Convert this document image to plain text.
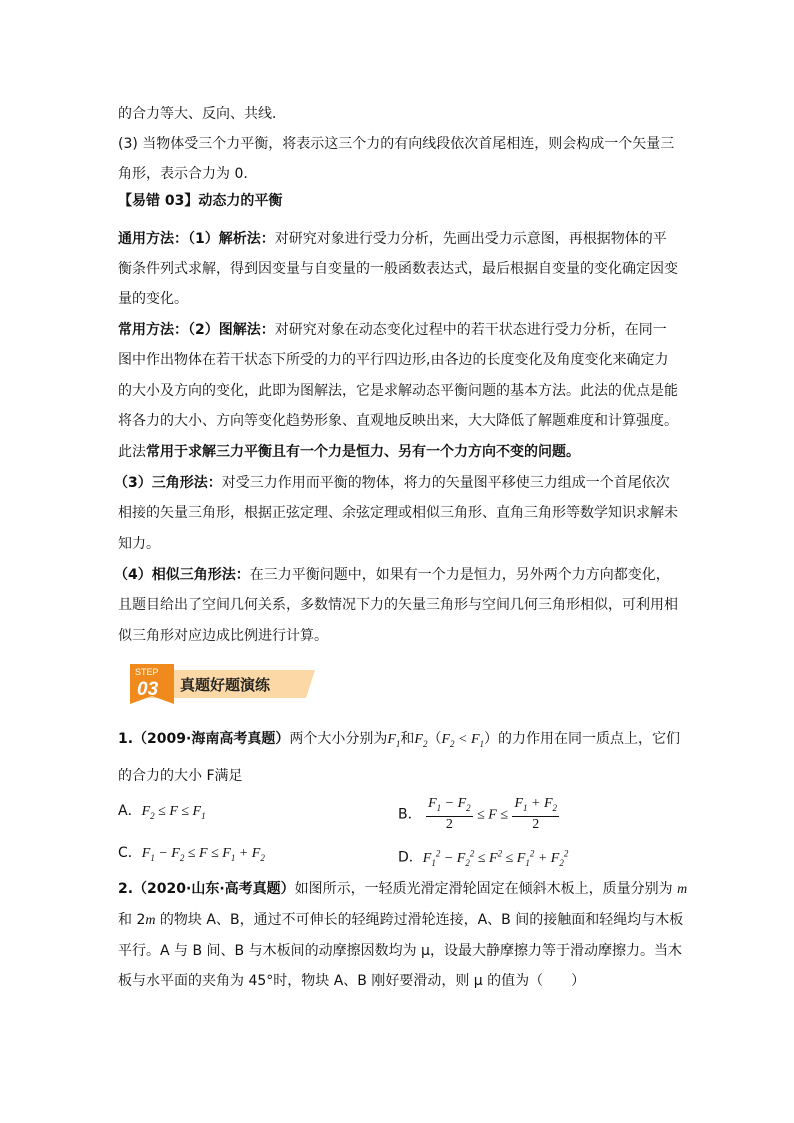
的合力等大、反向、共线．
(3) 当物体受三个力平衡，将表示这三个力的有向线段依次首尾相连，则会构成一个矢量三
角形，表示合力为 0.
【易错 03】动态力的平衡
通用方法：（1）解析法：对研究对象进行受力分析，先画出受力示意图，再根据物体的平
衡条件列式求解，得到因变量与自变量的一般函数表达式，最后根据自变量的变化确定因变
量的变化。
常用方法：（2）图解法：对研究对象在动态变化过程中的若干状态进行受力分析，在同一
图中作出物体在若干状态下所受的力的平行四边形,由各边的长度变化及角度变化来确定力
的大小及方向的变化，此即为图解法，它是求解动态平衡问题的基本方法。此法的优点是能
将各力的大小、方向等变化趋势形象、直观地反映出来，大大降低了解题难度和计算强度。
此法常用于求解三力平衡且有一个力是恒力、另有一个力方向不变的问题。
（3）三角形法：对受三力作用而平衡的物体，将力的矢量图平移使三力组成一个首尾依次
相接的矢量三角形，根据正弦定理、余弦定理或相似三角形、直角三角形等数学知识求解未
知力。
（4）相似三角形法：在三力平衡问题中，如果有一个力是恒力，另外两个力方向都变化，
且题目给出了空间几何关系，多数情况下力的矢量三角形与空间几何三角形相似，可利用相
似三角形对应边成比例进行计算。
STEP
03 真题好题演练
1.（2009·海南高考真题）两个大小分别为$F_1$和$F_2(F_2 < F_1)$的力作用在同一质点上，它们
的合力的大小 F满足
A．$F_2 \le F \le F_1$	B． $\frac{F_1 - F_2}{2} \le F \le \frac{F_1 + F_2}{2}$
C．$F_1 - F_2 \le F \le F_1 + F_2$	D．$F_1^2 - F_2^2 \le F^2 \le F_1^2 + F_2^2$
2.（2020·山东·高考真题）如图所示，一轻质光滑定滑轮固定在倾斜木板上，质量分别为 m
和 2m 的物块 A、B，通过不可伸长的轻绳跨过滑轮连接，A、B 间的接触面和轻绳均与木板
平行。A 与 B 间、B 与木板间的动摩擦因数均为 μ，设最大静摩擦力等于滑动摩擦力。当木
板与水平面的夹角为 45°时，物块 A、B 刚好要滑动，则 μ 的值为（　　）
